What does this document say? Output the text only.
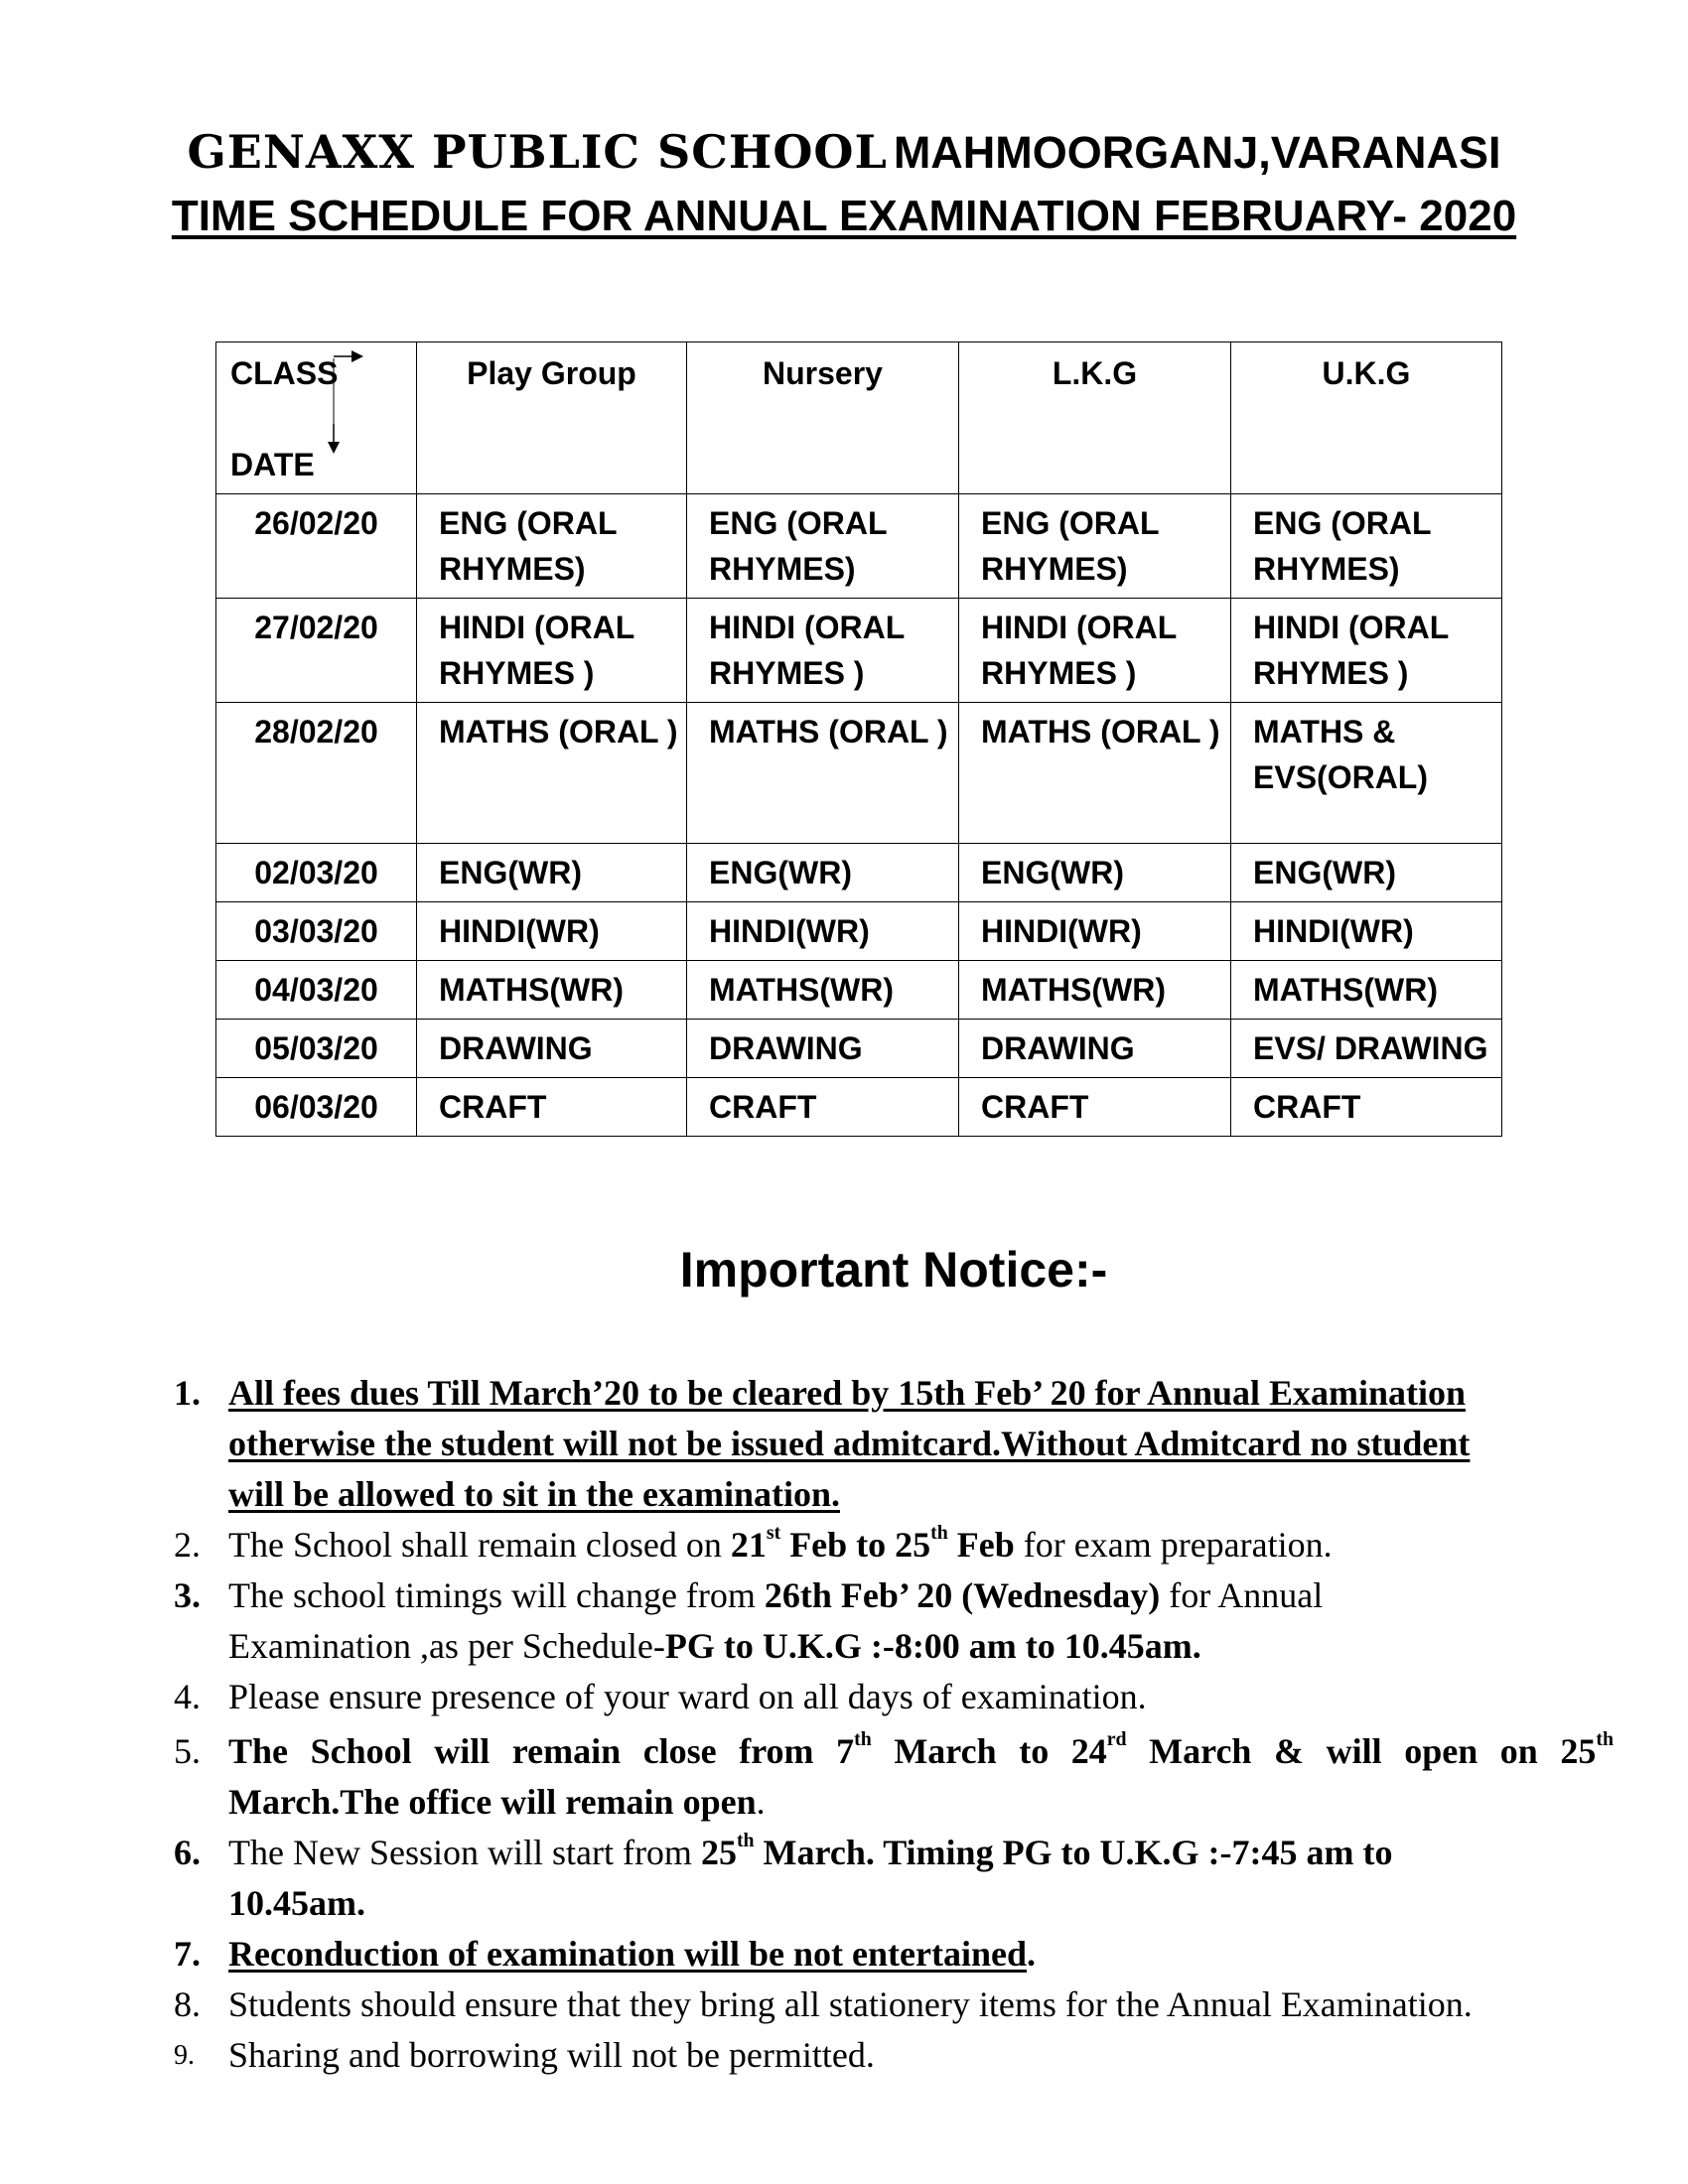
GENAXX PUBLIC SCHOOL MAHMOORGANJ,VARANASI
TIME SCHEDULE FOR ANNUAL EXAMINATION FEBRUARY- 2020
CLASS
DATE	Play Group	Nursery	L.K.G	U.K.G
26/02/20	ENG (ORAL RHYMES)	ENG (ORAL RHYMES)	ENG (ORAL RHYMES)	ENG (ORAL RHYMES)
27/02/20	HINDI (ORAL RHYMES )	HINDI (ORAL RHYMES )	HINDI (ORAL RHYMES )	HINDI (ORAL RHYMES )
28/02/20	MATHS (ORAL )	MATHS (ORAL )	MATHS (ORAL )	MATHS & EVS(ORAL)
02/03/20	ENG(WR)	ENG(WR)	ENG(WR)	ENG(WR)
03/03/20	HINDI(WR)	HINDI(WR)	HINDI(WR)	HINDI(WR)
04/03/20	MATHS(WR)	MATHS(WR)	MATHS(WR)	MATHS(WR)
05/03/20	DRAWING	DRAWING	DRAWING	EVS/ DRAWING
06/03/20	CRAFT	CRAFT	CRAFT	CRAFT
Important Notice:-
1. All fees dues Till March’20 to be cleared by 15th Feb’ 20 for Annual Examination
otherwise the student will not be issued admitcard.Without Admitcard no student
will be allowed to sit in the examination.
2. The School shall remain closed on 21st Feb to 25th Feb for exam preparation.
3. The school timings will change from 26th Feb’ 20 (Wednesday) for Annual
Examination ,as per Schedule-PG to U.K.G :-8:00 am to 10.45am.
4. Please ensure presence of your ward on all days of examination.
5. The School will remain close from 7th March to 24rd March & will open on 25th
March.The office will remain open.
6. The New Session will start from 25th March. Timing PG to U.K.G :-7:45 am to
10.45am.
7. Reconduction of examination will be not entertained.
8. Students should ensure that they bring all stationery items for the Annual Examination.
9. Sharing and borrowing will not be permitted.
